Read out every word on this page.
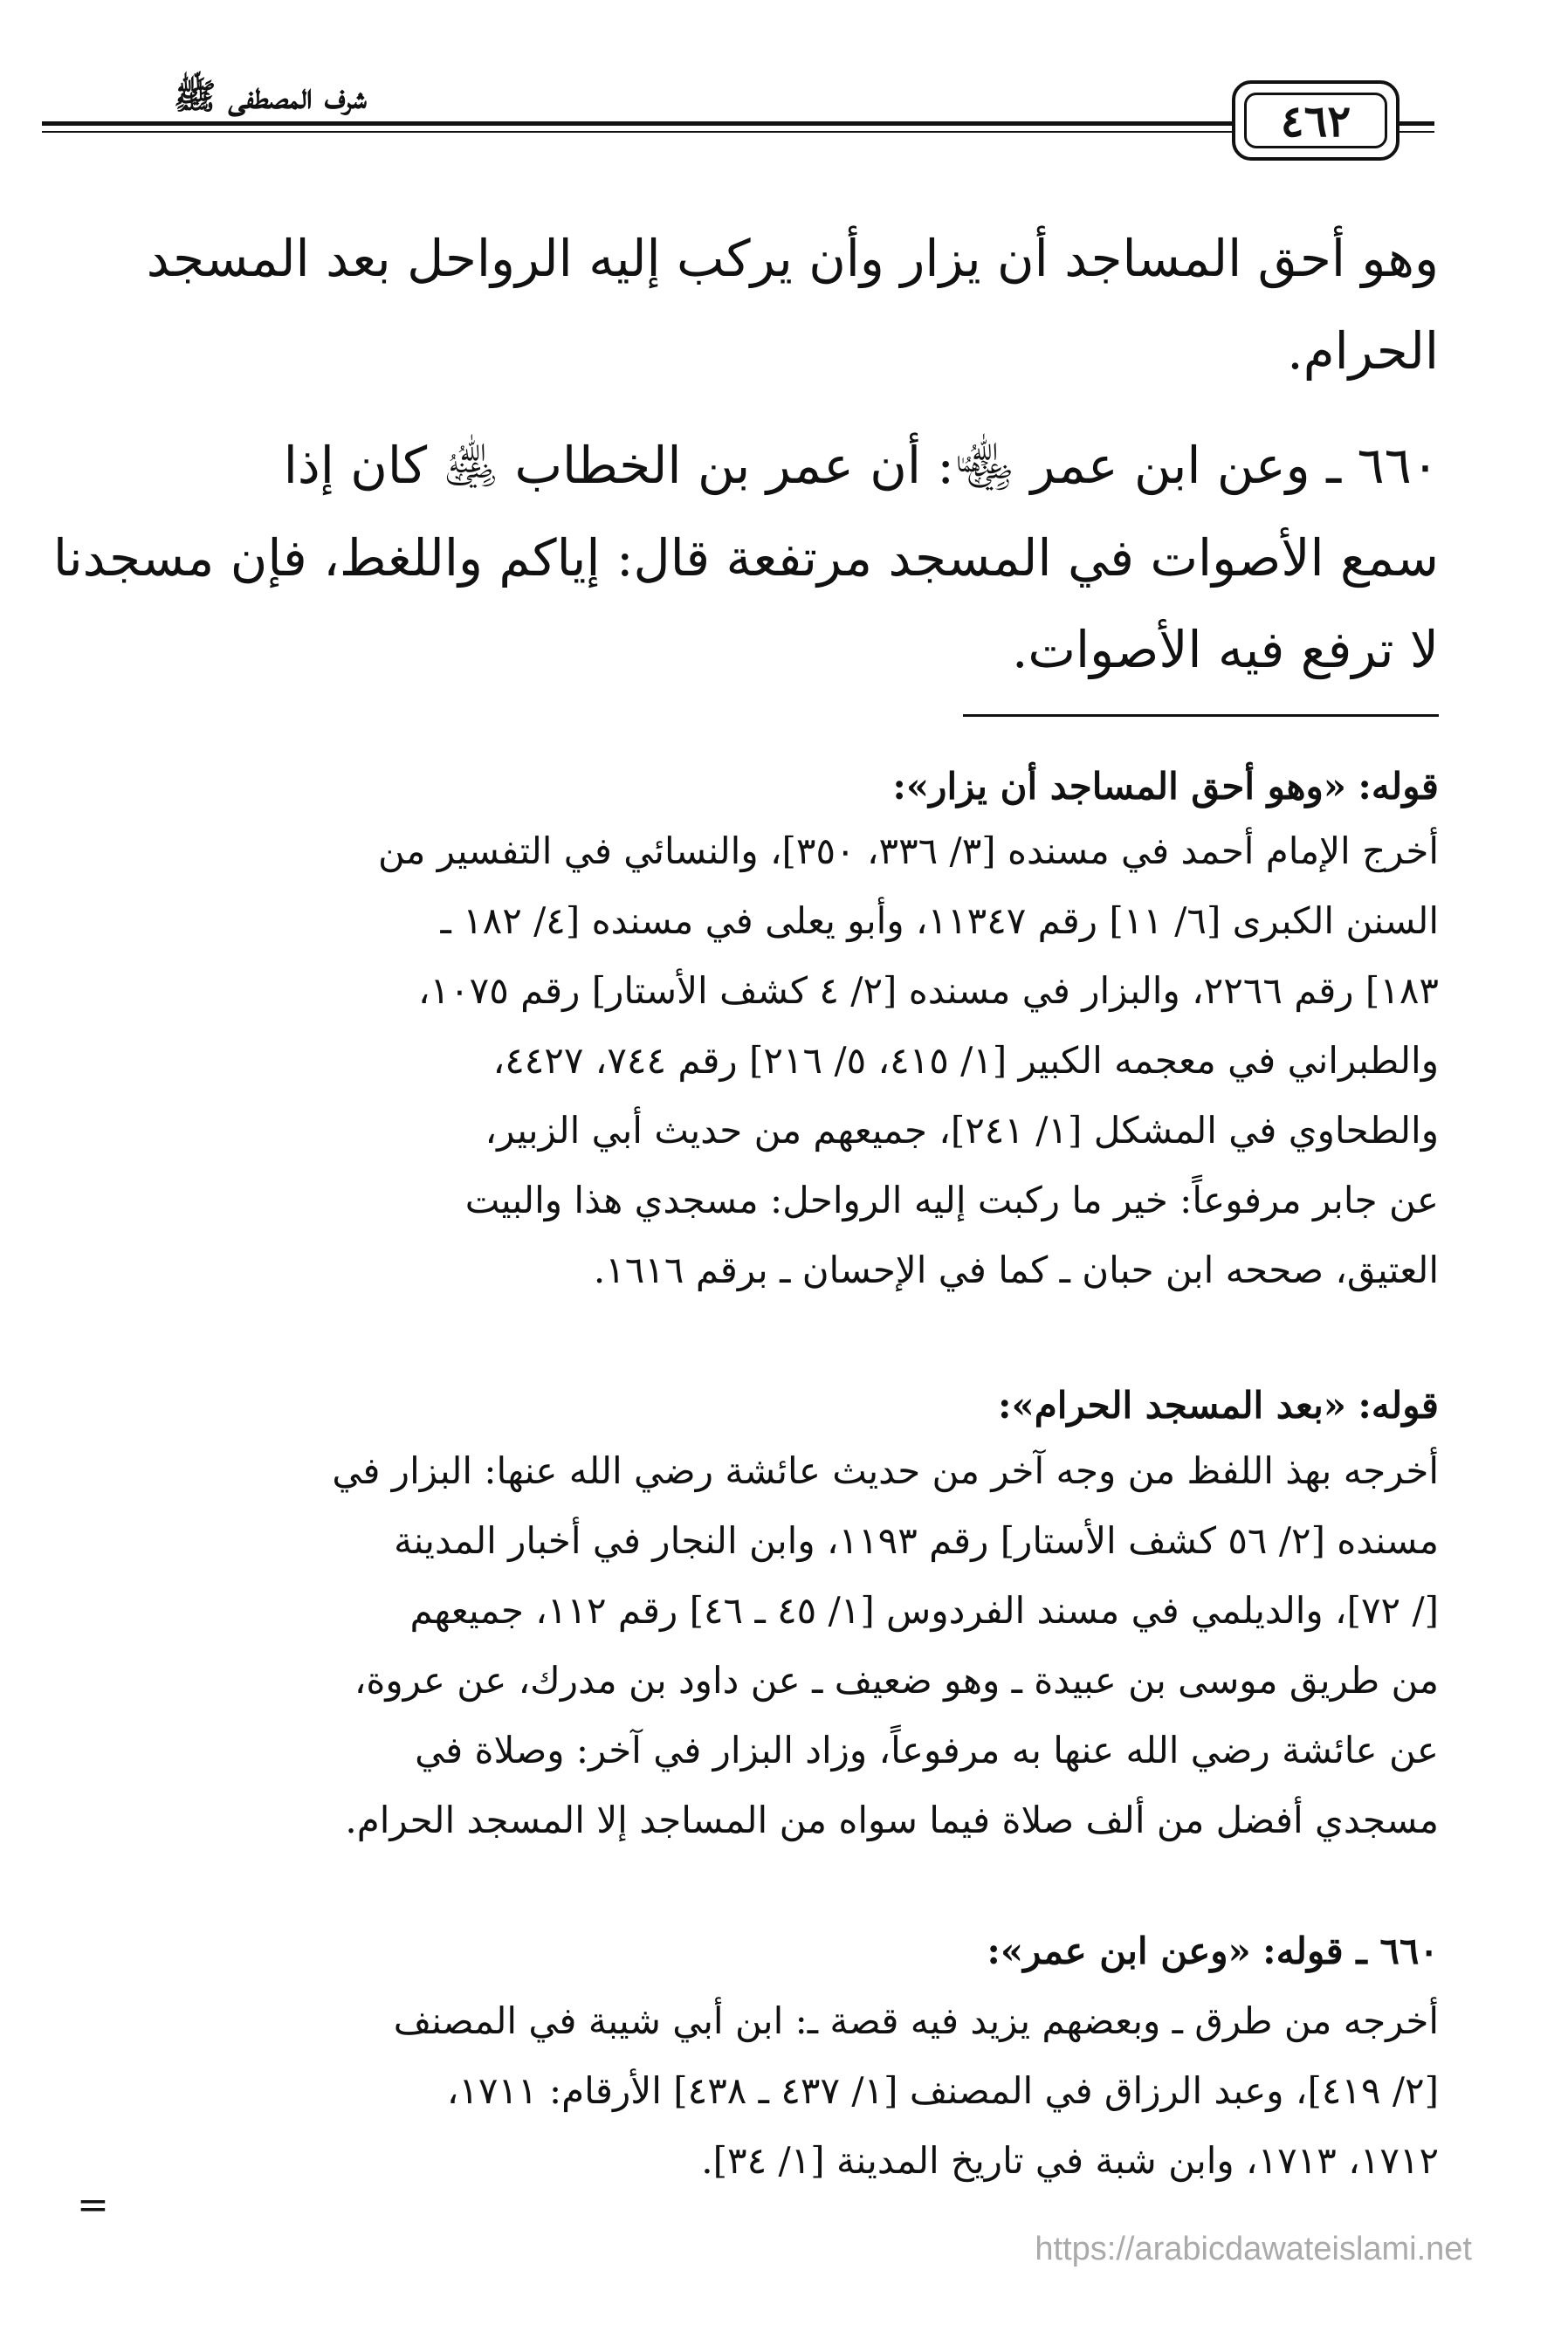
شرف المصطفى ﷺ	٤٦٢
وهو أحق المساجد أن يزار وأن يركب إليه الرواحل بعد المسجد
الحرام.
٦٦٠ ـ وعن ابن عمر ﵄: أن عمر بن الخطاب ﵁ كان إذا
سمع الأصوات في المسجد مرتفعة قال: إياكم واللغط، فإن مسجدنا
لا ترفع فيه الأصوات.
قوله: «وهو أحق المساجد أن يزار»:
أخرج الإمام أحمد في مسنده [٣/ ٣٣٦، ٣٥٠]، والنسائي في التفسير من
السنن الكبرى [٦/ ١١] رقم ١١٣٤٧، وأبو يعلى في مسنده [٤/ ١٨٢ ـ
١٨٣] رقم ٢٢٦٦، والبزار في مسنده [٢/ ٤ كشف الأستار] رقم ١٠٧٥،
والطبراني في معجمه الكبير [١/ ٤١٥، ٥/ ٢١٦] رقم ٧٤٤، ٤٤٢٧،
والطحاوي في المشكل [١/ ٢٤١]، جميعهم من حديث أبي الزبير،
عن جابر مرفوعاً: خير ما ركبت إليه الرواحل: مسجدي هذا والبيت
العتيق، صححه ابن حبان ـ كما في الإحسان ـ برقم ١٦١٦.
قوله: «بعد المسجد الحرام»:
أخرجه بهذ اللفظ من وجه آخر من حديث عائشة رضي الله عنها: البزار في
مسنده [٢/ ٥٦ كشف الأستار] رقم ١١٩٣، وابن النجار في أخبار المدينة
[/ ٧٢]، والديلمي في مسند الفردوس [١/ ٤٥ ـ ٤٦] رقم ١١٢، جميعهم
من طريق موسى بن عبيدة ـ وهو ضعيف ـ عن داود بن مدرك، عن عروة،
عن عائشة رضي الله عنها به مرفوعاً، وزاد البزار في آخر: وصلاة في
مسجدي أفضل من ألف صلاة فيما سواه من المساجد إلا المسجد الحرام.
٦٦٠ ـ قوله: «وعن ابن عمر»:
أخرجه من طرق ـ وبعضهم يزيد فيه قصة ـ: ابن أبي شيبة في المصنف
[٢/ ٤١٩]، وعبد الرزاق في المصنف [١/ ٤٣٧ ـ ٤٣٨] الأرقام: ١٧١١،
١٧١٢، ١٧١٣، وابن شبة في تاريخ المدينة [١/ ٣٤].
=
https://arabicdawateislami.net
